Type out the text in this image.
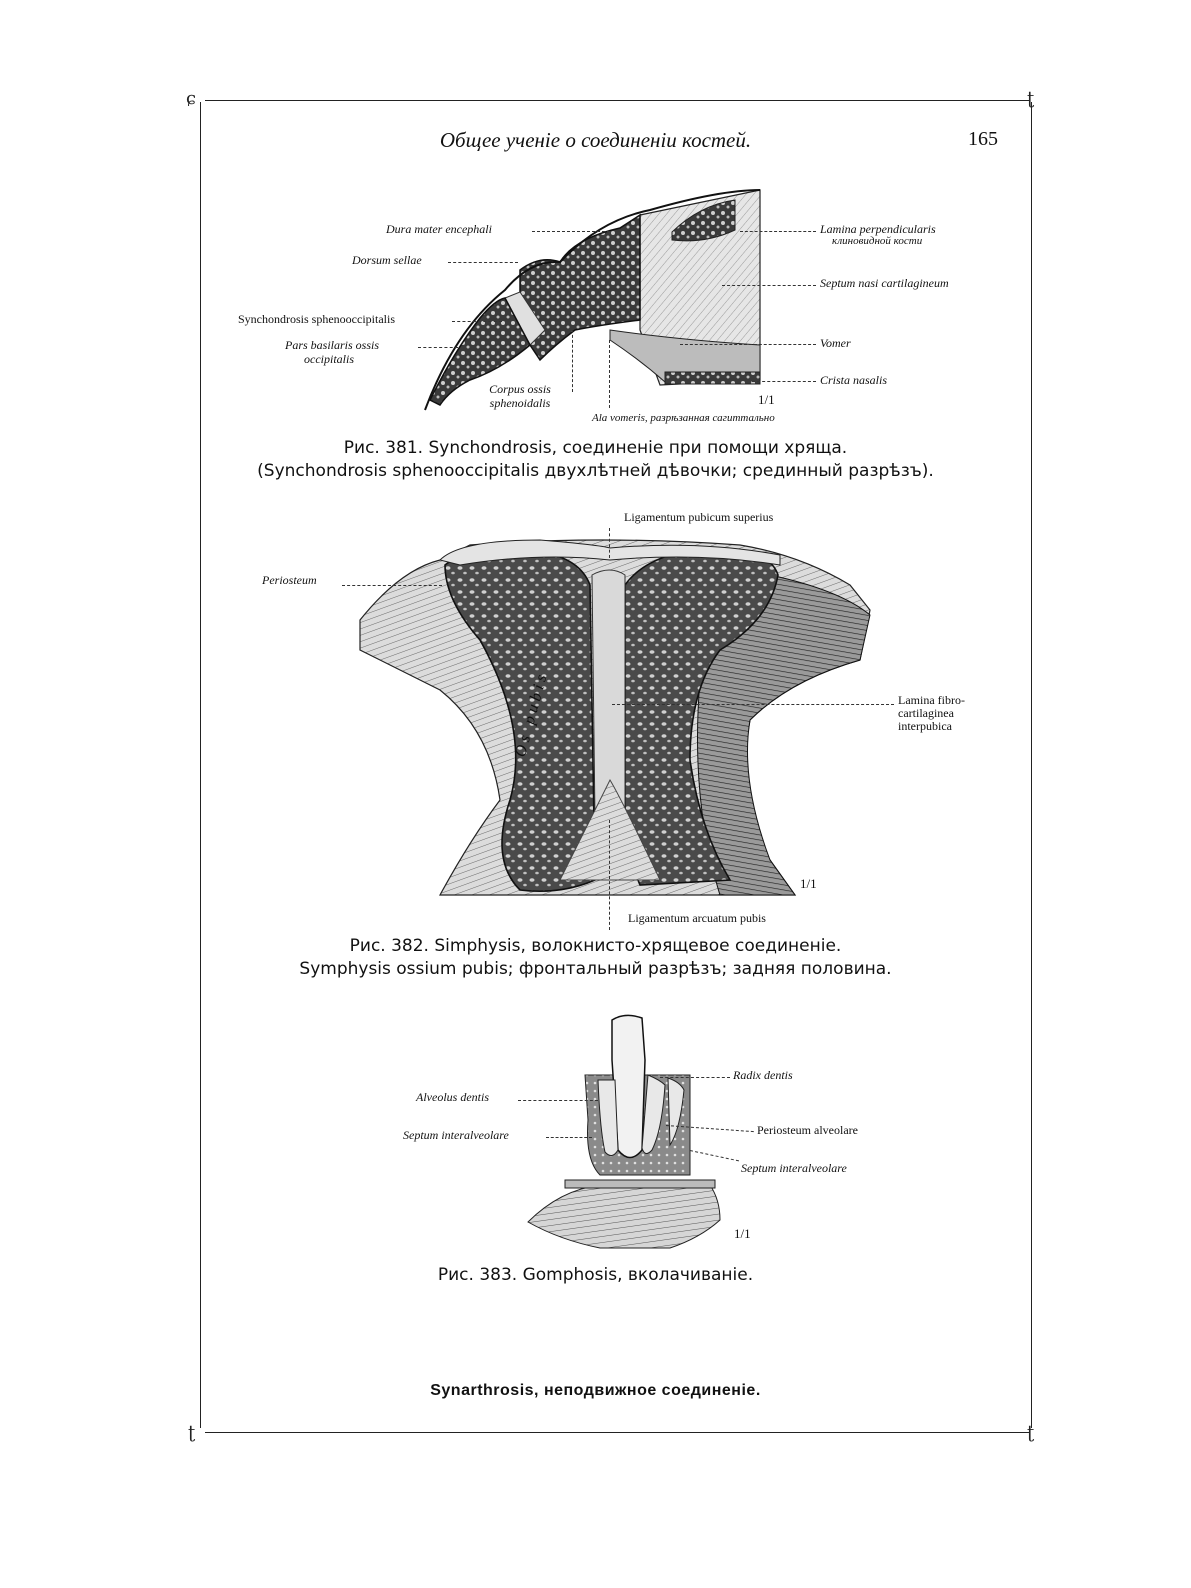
ɕ	ʈ
ʈ	ʈ
Общее ученіе о соединеніи костей.	165
Dura mater encephali
Dorsum sellae
Synchondrosis sphenooccipitalis
Pars basilaris ossis
occipitalis
Corpus ossis
sphenoidalis
Ala vomeris, разрѣзанная сагиттально
Lamina perpendicularis
клиновидной кости
Septum nasi cartilagineum
Vomer
Crista nasalis
1/1
Рис. 381. Synchondrosis, соединеніе при помощи хряща.
(Synchondrosis sphenooccipitalis двухлѣтней дѣвочки; срединный разрѣзъ).
Ligamentum pubicum superius
Periosteum
Os pubis	Lamina fibro-
cartilaginea
interpubica
Ligamentum arcuatum pubis
1/1
Рис. 382. Simphysis, волокнисто-хрящевое соединеніе.
Symphysis ossium pubis; фронтальный разрѣзъ; задняя половина.
Alveolus dentis
Septum interalveolare
Radix dentis
Periosteum alveolare
Septum interalveolare
1/1
Рис. 383. Gomphosis, вколачиваніе.
Synarthrosis, неподвижное соединеніе.
